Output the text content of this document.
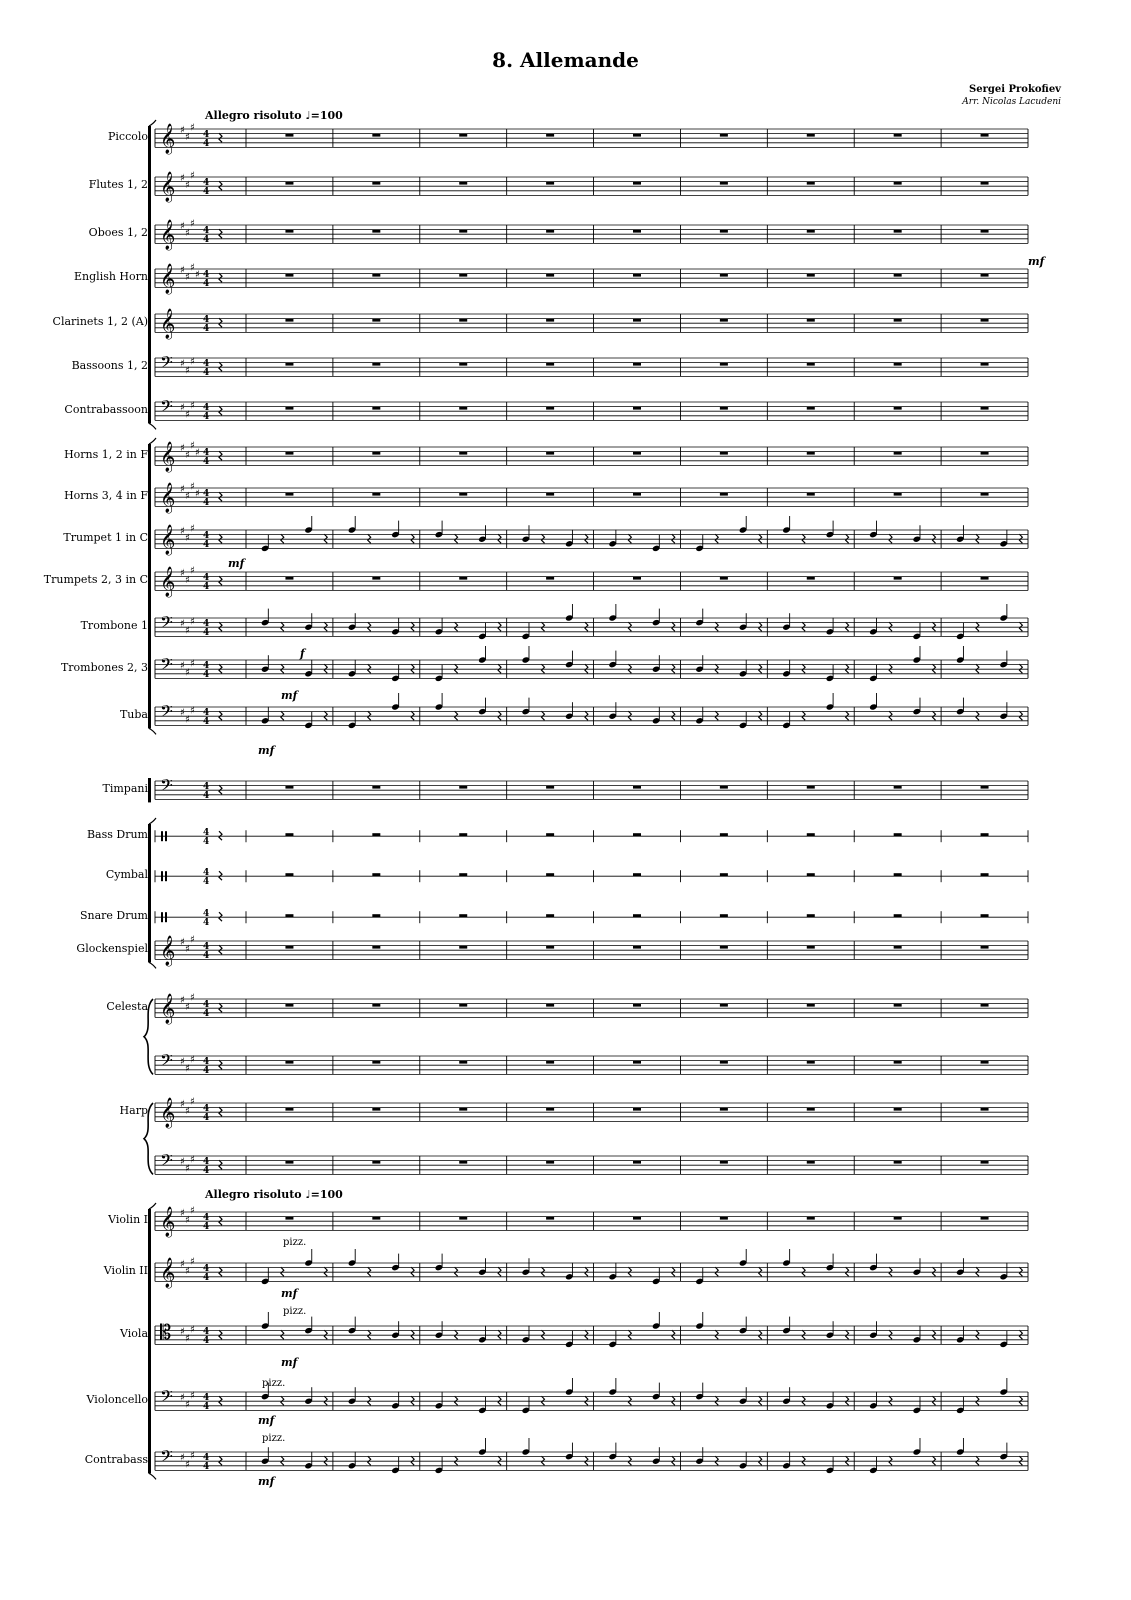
8. Allemande
Sergei Prokofiev
Arr. Nicolas Lacudeni
Allegro risoluto ♩=100
Allegro risoluto ♩=100
Piccolo
Flutes 1, 2
Oboes 1, 2
English Horn
Clarinets 1, 2 (A)
Bassoons 1, 2
Contrabassoon
Horns 1, 2 in F
Horns 3, 4 in F
Trumpet 1 in C
Trumpets 2, 3 in C
Trombone 1
Trombones 2, 3
Tuba
Timpani
Bass Drum
Cymbal
Snare Drum
Glockenspiel
Celesta
Harp
Violin I
Violin II
Viola
Violoncello
Contrabass
pizz.
pizz.
pizz.
pizz.
mf
mf
f
mf
mf
mf
mf
mf
mf
𝄞 ♯
♯
♯
4
4
𝄞 ♯
♯
♯
4
4
𝄞 ♯
♯
♯
4
4
𝄞 ♯
♯
♯
♯ 4
4
𝄞	4
4
𝄢 ♯
♯
♯ 4
4
𝄢 ♯
♯
♯ 4
4
𝄞 ♯
♯
♯
♯ 4
4
𝄞 ♯
♯
♯
♯ 4
4
𝄞 ♯
♯
♯
4
4
𝄞 ♯
♯
♯
4
4
𝄢 ♯
♯
♯ 4
4
𝄢 ♯
♯
♯ 4
4
𝄢 ♯
♯
♯ 4
4
𝄢	4
4
4
4
4
4
4
4
𝄞 ♯
♯
♯
4
4
𝄞 ♯
♯
♯
4
4
𝄢 ♯
♯
♯ 4
4
𝄞 ♯
♯
♯
4
4
𝄢 ♯
♯
♯ 4
4
𝄞 ♯
♯
♯
4
4
𝄞 ♯
♯
♯
4
4
𝄡 ♯
♯
♯ 4
4
𝄢 ♯
♯
♯ 4
4
𝄢 ♯
♯
♯ 4
4
